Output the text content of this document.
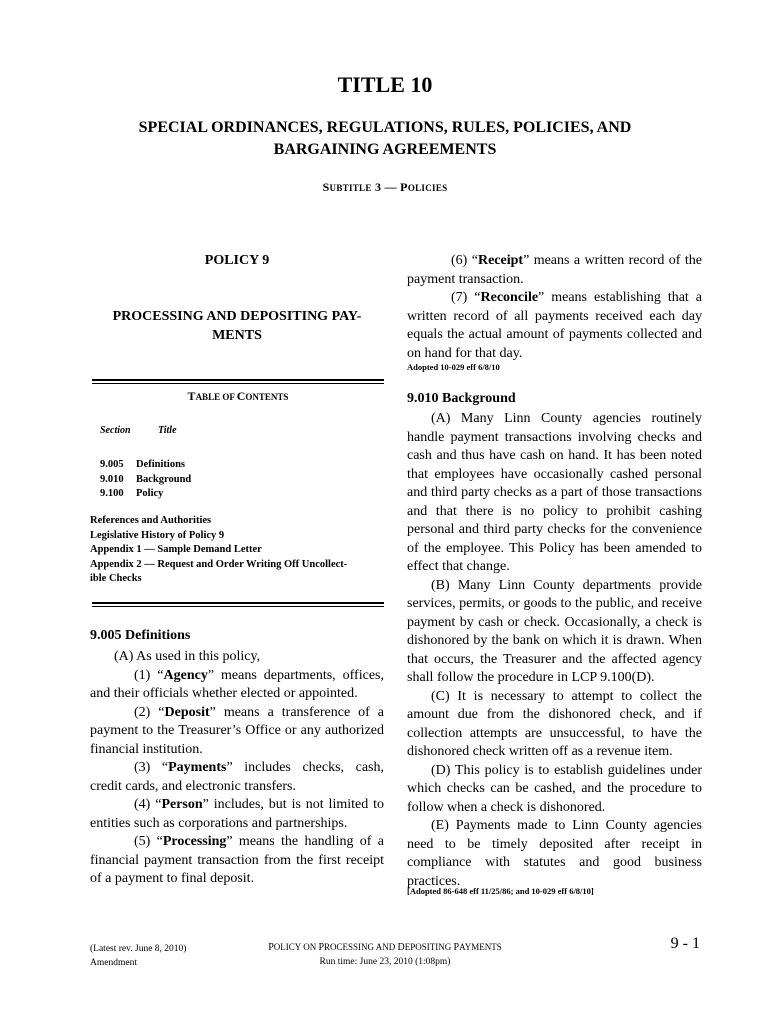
TITLE 10
SPECIAL ORDINANCES, REGULATIONS, RULES, POLICIES, AND
BARGAINING AGREEMENTS
SUBTITLE 3 — POLICIES
POLICY 9
PROCESSING AND DEPOSITING PAY-
MENTS
TABLE OF CONTENTS
Section	Title
9.005 Definitions
9.010 Background
9.100 Policy
References and Authorities
Legislative History of Policy 9
Appendix 1 — Sample Demand Letter
Appendix 2 — Request and Order Writing Off Uncollect-
ible Checks
9.005 Definitions

(A) As used in this policy,

(1) “Agency” means departments, offices, and their officials whether elected or appointed.

(2) “Deposit” means a transference of a payment to the Treasurer’s Office or any authorized financial institution.

(3) “Payments” includes checks, cash, credit cards, and electronic transfers.

(4) “Person” includes, but is not limited to entities such as corporations and partnerships.

(5) “Processing” means the handling of a financial payment transaction from the first receipt of a payment to final deposit.

(6) “Receipt” means a written record of the payment transaction.

(7) “Reconcile” means establishing that a written record of all payments received each day equals the actual amount of payments collected and on hand for that day.

Adopted 10-029 eff 6/8/10
9.010 Background

(A) Many Linn County agencies routinely handle payment transactions involving checks and cash and thus have cash on hand. It has been noted that employees have occasionally cashed personal and third party checks as a part of those transactions and that there is no policy to prohibit cashing personal and third party checks for the convenience of the employee. This Policy has been amended to effect that change.

(B) Many Linn County departments provide services, permits, or goods to the public, and receive payment by cash or check. Occasionally, a check is dishonored by the bank on which it is drawn. When that occurs, the Treasurer and the affected agency shall follow the procedure in LCP 9.100(D).

(C) It is necessary to attempt to collect the amount due from the dishonored check, and if collection attempts are unsuccessful, to have the dishonored check written off as a revenue item.

(D) This policy is to establish guidelines under which checks can be cashed, and the procedure to follow when a check is dishonored.

(E) Payments made to Linn County agencies need to be timely deposited after receipt in compliance with statutes and good business practices.

[Adopted 86-648 eff 11/25/86; and 10-029 eff 6/8/10]
(Latest rev. June 8, 2010)
Amendment
POLICY ON PROCESSING AND DEPOSITING PAYMENTS
Run time: June 23, 2010 (1:08pm)
9 - 1
